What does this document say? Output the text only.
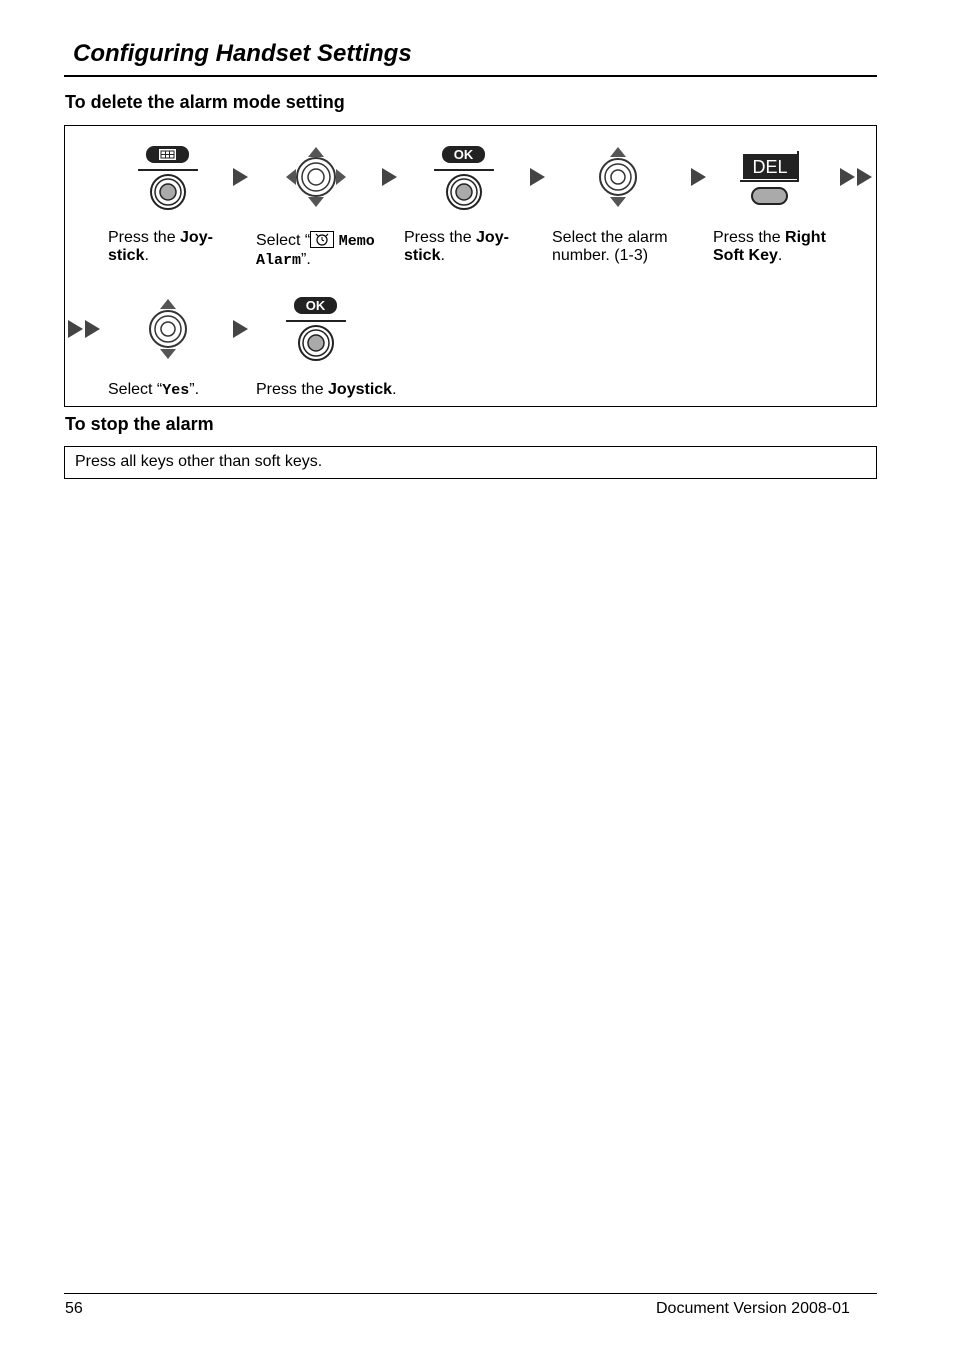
Configuring Handset Settings
To delete the alarm mode setting
OK
DEL
Press the Joy-
stick.
Select “ Memo
Alarm”.
Press the Joy-
stick.
Select the alarm
number. (1-3)
Press the Right
Soft Key.
OK
Select “Yes”.	Press the Joystick.
To stop the alarm
Press all keys other than soft keys.
56	Document Version 2008-01
